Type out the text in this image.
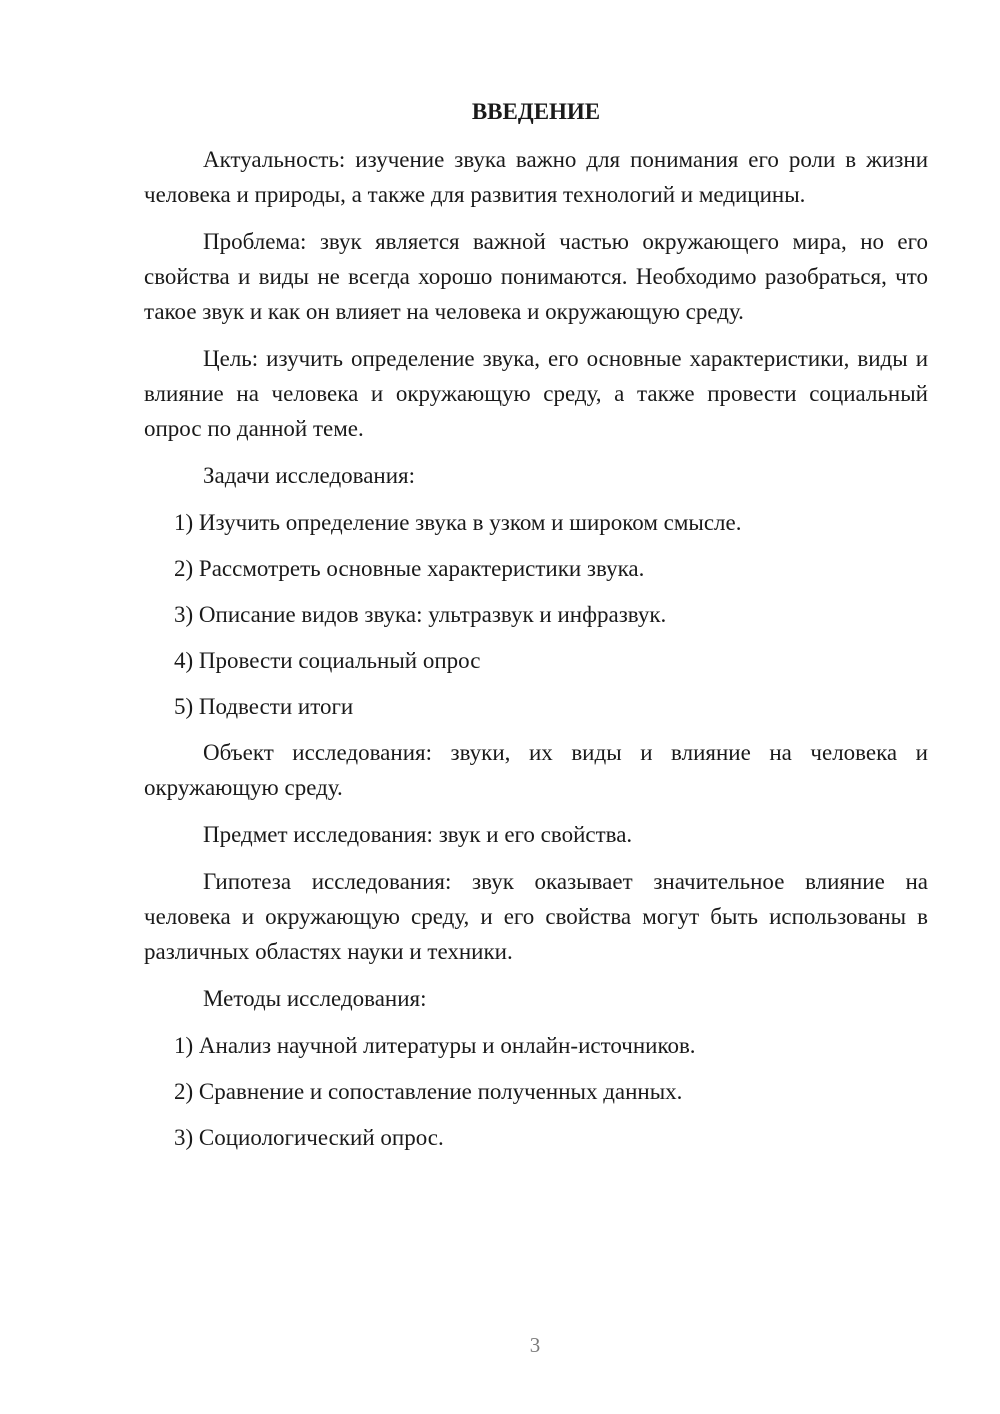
ВВЕДЕНИЕ
Актуальность: изучение звука важно для понимания его роли в жизни человека и природы, а также для развития технологий и медицины.
Проблема: звук является важной частью окружающего мира, но его свойства и виды не всегда хорошо понимаются. Необходимо разобраться, что такое звук и как он влияет на человека и окружающую среду.
Цель: изучить определение звука, его основные характеристики, виды и влияние на человека и окружающую среду, а также провести социальный опрос по данной теме.
Задачи исследования:
1) Изучить определение звука в узком и широком смысле.
2) Рассмотреть основные характеристики звука.
3) Описание видов звука: ультразвук и инфразвук.
4) Провести социальный опрос
5) Подвести итоги
Объект исследования: звуки, их виды и влияние на человека и окружающую среду.
Предмет исследования: звук и его свойства.
Гипотеза исследования: звук оказывает значительное влияние на человека и окружающую среду, и его свойства могут быть использованы в различных областях науки и техники.
Методы исследования:
1) Анализ научной литературы и онлайн-источников.
2) Сравнение и сопоставление полученных данных.
3) Социологический опрос.
3
